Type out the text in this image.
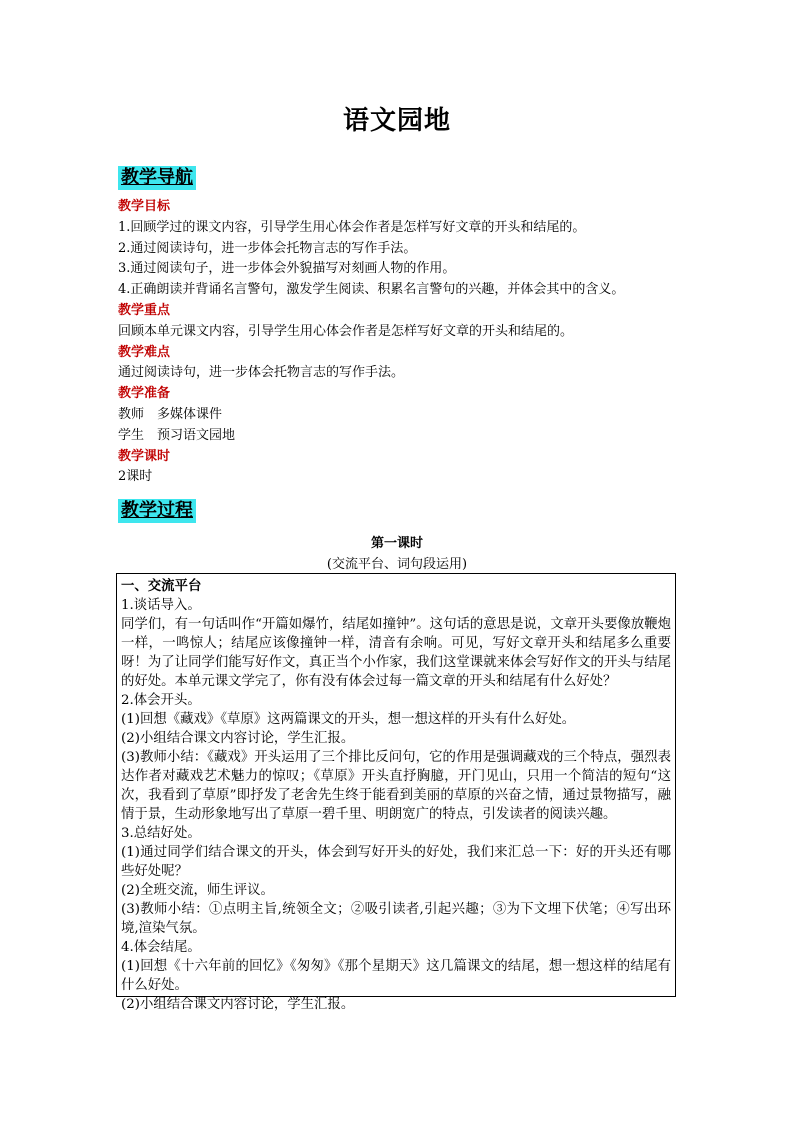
语文园地
教学导航
教学目标
1.回顾学过的课文内容，引导学生用心体会作者是怎样写好文章的开头和结尾的。
2.通过阅读诗句，进一步体会托物言志的写作手法。
3.通过阅读句子，进一步体会外貌描写对刻画人物的作用。
4.正确朗读并背诵名言警句，激发学生阅读、积累名言警句的兴趣，并体会其中的含义。
教学重点
回顾本单元课文内容，引导学生用心体会作者是怎样写好文章的开头和结尾的。
教学难点
通过阅读诗句，进一步体会托物言志的写作手法。
教学准备
教师　多媒体课件
学生　预习语文园地
教学课时
2课时
教学过程
第一课时
(交流平台、词句段运用)
一、交流平台
1.谈话导入。
同学们，有一句话叫作“开篇如爆竹，结尾如撞钟”。这句话的意思是说，文章开头要像放鞭炮一样，一鸣惊人；结尾应该像撞钟一样，清音有余响。可见，写好文章开头和结尾多么重要呀！为了让同学们能写好作文，真正当个小作家，我们这堂课就来体会写好作文的开头与结尾的好处。本单元课文学完了，你有没有体会过每一篇文章的开头和结尾有什么好处？
2.体会开头。
(1)回想《藏戏》《草原》这两篇课文的开头，想一想这样的开头有什么好处。
(2)小组结合课文内容讨论，学生汇报。
(3)教师小结：《藏戏》开头运用了三个排比反问句，它的作用是强调藏戏的三个特点，强烈表达作者对藏戏艺术魅力的惊叹；《草原》开头直抒胸臆，开门见山，只用一个简洁的短句“这次，我看到了草原”即抒发了老舍先生终于能看到美丽的草原的兴奋之情，通过景物描写，融情于景，生动形象地写出了草原一碧千里、明朗宽广的特点，引发读者的阅读兴趣。
3.总结好处。
(1)通过同学们结合课文的开头，体会到写好开头的好处，我们来汇总一下：好的开头还有哪些好处呢？
(2)全班交流，师生评议。
(3)教师小结：①点明主旨,统领全文；②吸引读者,引起兴趣；③为下文埋下伏笔；④写出环境,渲染气氛。
4.体会结尾。
(1)回想《十六年前的回忆》《匆匆》《那个星期天》这几篇课文的结尾，想一想这样的结尾有什么好处。
(2)小组结合课文内容讨论，学生汇报。
